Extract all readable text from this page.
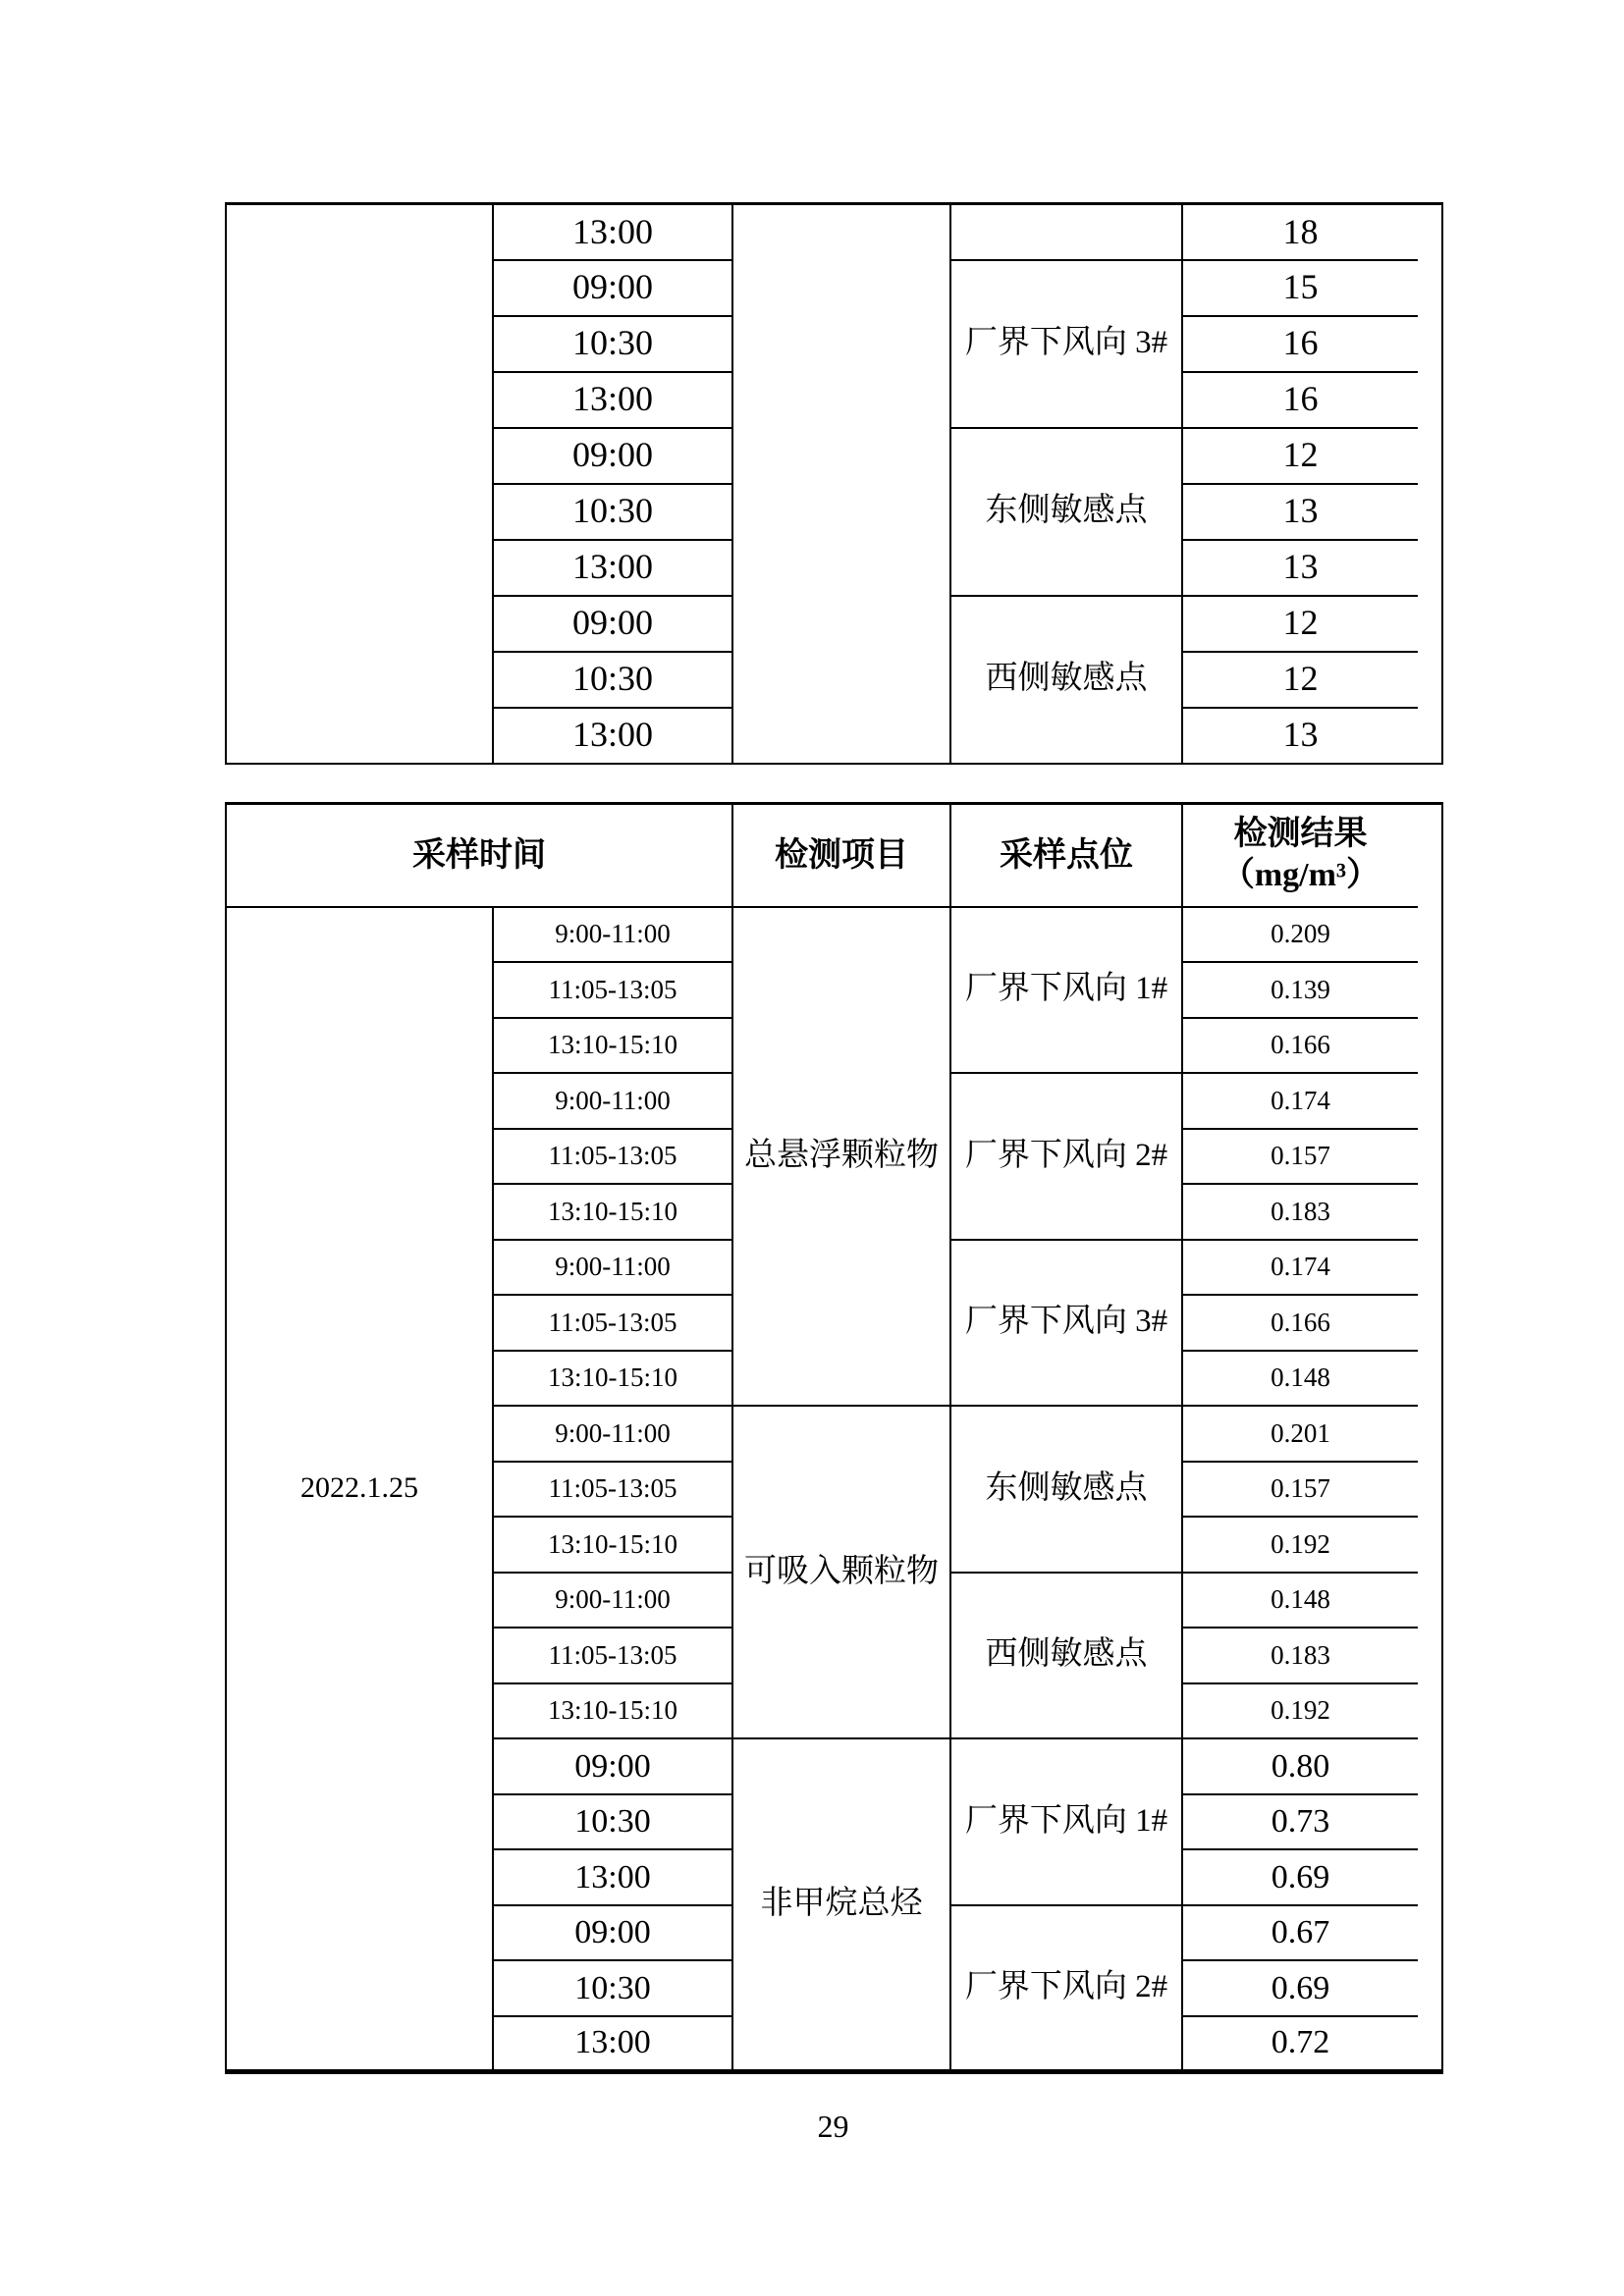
	13:00			18	
	09:00		厂界下风向 3#	15	
	10:30			16	
	13:00			16	
	09:00		东侧敏感点	12	
	10:30			13	
	13:00			13	
	09:00		西侧敏感点	12	
	10:30			12	
	13:00			13	
采样时间		检测项目	采样点位	检测结果
（mg/m³）	

2022.1.25	9:00-11:00	总悬浮颗粒物	厂界下风向 1#	0.209	
	11:05-13:05			0.139	
	13:10-15:10			0.166	
	9:00-11:00		厂界下风向 2#	0.174	
	11:05-13:05			0.157	
	13:10-15:10			0.183	
	9:00-11:00		厂界下风向 3#	0.174	
	11:05-13:05			0.166	
	13:10-15:10			0.148	
	9:00-11:00	可吸入颗粒物	东侧敏感点	0.201	
	11:05-13:05			0.157	
	13:10-15:10			0.192	
	9:00-11:00		西侧敏感点	0.148	
	11:05-13:05			0.183	
	13:10-15:10			0.192	
	09:00	非甲烷总烃	厂界下风向 1#	0.80	
	10:30			0.73	
	13:00			0.69	
	09:00		厂界下风向 2#	0.67	
	10:30			0.69	
	13:00			0.72	
29
